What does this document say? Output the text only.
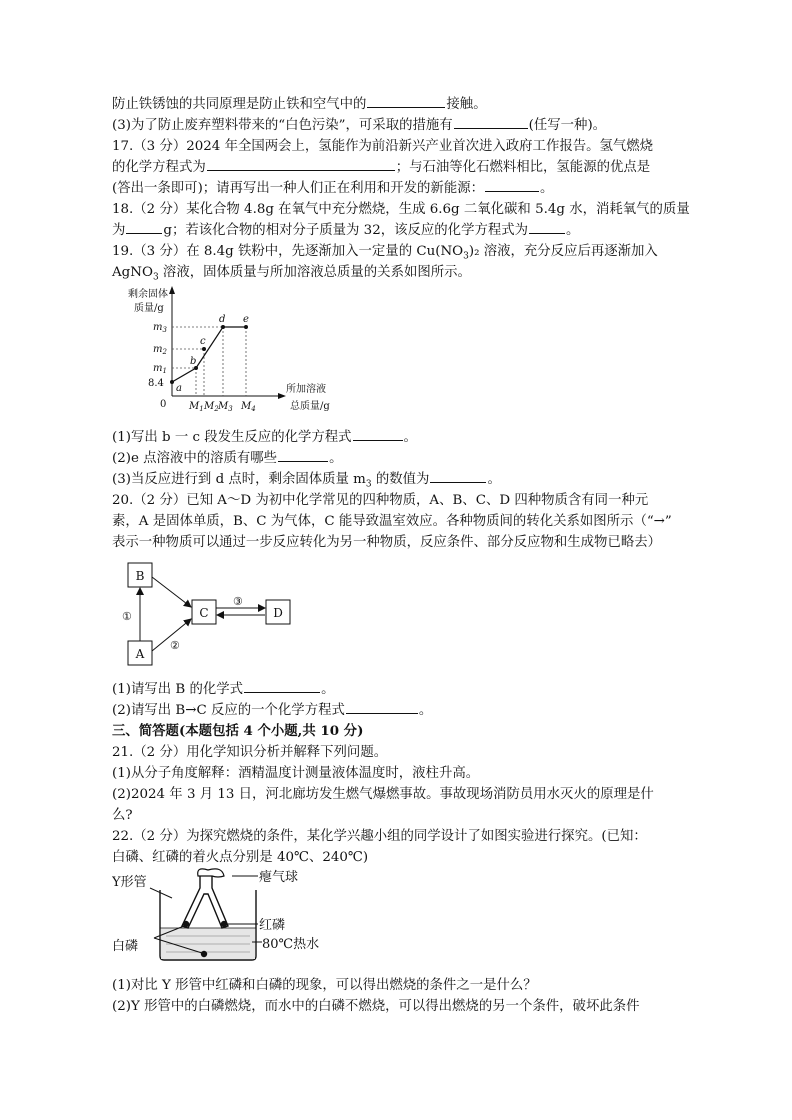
防止铁锈蚀的共同原理是防止铁和空气中的	接触。
(3)为了防止废弃塑料带来的“白色污染”，可采取的措施有	(任写一种)。
17.（3 分）2024 年全国两会上，氢能作为前沿新兴产业首次进入政府工作报告。氢气燃烧
的化学方程式为	；与石油等化石燃料相比，氢能源的优点是
(答出一条即可)；请再写出一种人们正在利用和开发的新能源：	。
18.（2 分）某化合物 4.8g 在氧气中充分燃烧，生成 6.6g 二氧化碳和 5.4g 水，消耗氧气的质量
为	g；若该化合物的相对分子质量为 32，该反应的化学方程式为	。
19.（3 分）在 8.4g 铁粉中，先逐渐加入一定量的 $Cu(NO_3)_2$ 溶液，充分反应后再逐渐加入
AgNO$_3$ 溶液，固体质量与所加溶液总质量的关系如图所示。
剩余固体
质量/g
所加溶液
总质量/g
0
a
b
c
d e
$m_3$
$m_2$
$m_1$
8.4
$M_1$ $M_2$ $M_3$ $M_4$
(1)写出 b 一 c 段发生反应的化学方程式	。
(2)e 点溶液中的溶质有哪些	。
(3)当反应进行到 d 点时，剩余固体质量 $m_3$ 的数值为	。
20.（2 分）已知 A～D 为初中化学常见的四种物质，A、B、C、D 四种物质含有同一种元
素，A 是固体单质，B、C 为气体，C 能导致温室效应。各种物质间的转化关系如图所示（“→”
表示一种物质可以通过一步反应转化为另一种物质，反应条件、部分反应物和生成物已略去）
B
A
C	D
①
②
③
(1)请写出 B 的化学式	。
(2)请写出 B→C 反应的一个化学方程式	。
三、简答题(本题包括 4 个小题,共 10 分)
21.（2 分）用化学知识分析并解释下列问题。
(1)从分子角度解释：酒精温度计测量液体温度时，液柱升高。
(2)2024 年 3 月 13 日，河北廊坊发生燃气爆燃事故。事故现场消防员用水灭火的原理是什
么?
22.（2 分）为探究燃烧的条件，某化学兴趣小组的同学设计了如图实验进行探究。(已知：
白磷、红磷的着火点分别是 40℃、240℃)
Y形管	瘪气球
红磷
白磷	80℃热水
(1)对比 Y 形管中红磷和白磷的现象，可以得出燃烧的条件之一是什么？
(2)Y 形管中的白磷燃烧，而水中的白磷不燃烧，可以得出燃烧的另一个条件，破坏此条件
